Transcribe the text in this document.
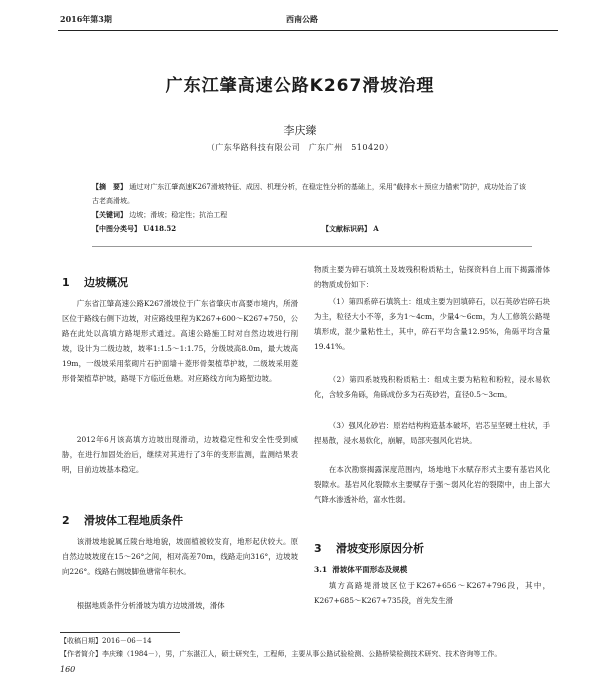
2016年第3期	西南公路
广东江肇高速公路K267滑坡治理
李庆臻
（广东华路科技有限公司　广东广州　510420）
【摘　要】 通过对广东江肇高速K267滑坡特征、成因、机理分析，在稳定性分析的基础上，采用“截排水＋预应力锚索”防护，成功处治了该古老高滑坡。
【关键词】 边坡；滑坡；稳定性；抗治工程
【中图分类号】 U418.52	【文献标识码】 A
1 边坡概况
广东省江肇高速公路K267滑坡位于广东省肇庆市高要市境内，所滑区位于路线右侧下边坡，对应路线里程为K267+600～K267+750，公路在此处以高填方路堤形式通过。高速公路施工时对自然边坡进行削坡，设计为二级边坡，坡率1:1.5～1:1.75，分级坡高8.0m，最大坡高19m，一级坡采用浆砌片石护面墙＋菱形骨架植草护坡，二级坡采用菱形骨架植草护坡，路堤下方临近鱼塘。对应路线方向为路堑边坡。
2012年6月该高填方边坡出现滑动，边坡稳定性和安全性受到威胁，在进行加固处治后，继续对其进行了3年的变形监测，监测结果表明，目前边坡基本稳定。
2 滑坡体工程地质条件
该滑坡地貌属丘陵台地地貌，坡面植被较发育，地形起伏较大。原自然边坡坡度在15～26°之间，相对高差70m，线路走向316°，边坡坡向226°。线路右侧坡脚鱼塘常年积水。
根据地质条件分析滑坡为填方边坡滑坡，滑体
物质主要为碎石填筑土及坡残积粉质粘土，钻探资料自上而下揭露滑体的物质成份如下：
（1）第四系碎石填筑土：组成主要为回填碎石，以石英砂岩碎石块为主，粒径大小不等，多为1～4cm，少量4～6cm，为人工修筑公路堤填形成，混少量粘性土，其中，碎石平均含量12.95%，角砾平均含量19.41%。
（2）第四系坡残积粉质粘土：组成主要为粘粒和粉粒，浸水易软化，含较多角砾，角砾成份多为石英砂岩，直径0.5～3cm。
（3）强风化砂岩：原岩结构构造基本破坏，岩芯呈坚硬土柱状，手捏易散，浸水易软化，崩解，局部夹强风化岩块。
在本次勘察揭露深度范围内，场地地下水赋存形式主要有基岩风化裂隙水。基岩风化裂隙水主要赋存于强～弱风化岩的裂隙中，由上部大气降水渗透补给，富水性弱。
3 滑坡变形原因分析
3.1 滑坡体平面形态及规模
填方高路堤滑坡区位于K267+656～K267+796段，其中，K267+685～K267+735段，首先发生滑
【收稿日期】2016－06－14
【作者简介】李庆臻（1984－），男，广东湛江人，硕士研究生，工程师，主要从事公路试验检测、公路桥梁检测技术研究、技术咨询等工作。
160
